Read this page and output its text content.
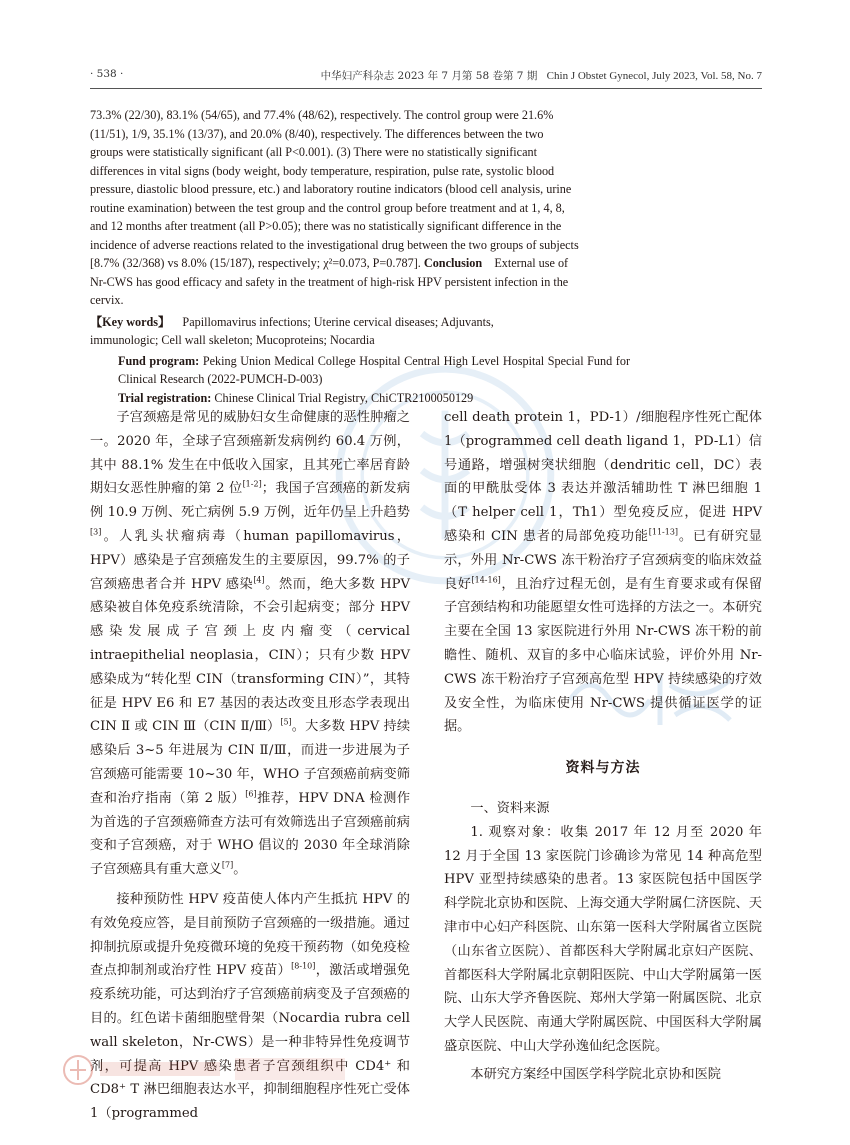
· 538 ·	中华妇产科杂志 2023 年 7 月第 58 卷第 7 期 Chin J Obstet Gynecol, July 2023, Vol. 58, No. 7

73.3% (22/30), 83.1% (54/65), and 77.4% (48/62), respectively. The control group were 21.6%

(11/51), 1/9, 35.1% (13/37), and 20.0% (8/40), respectively. The differences between the two

groups were statistically significant (all P<0.001). (3) There were no statistically significant

differences in vital signs (body weight, body temperature, respiration, pulse rate, systolic blood

pressure, diastolic blood pressure, etc.) and laboratory routine indicators (blood cell analysis, urine

routine examination) between the test group and the control group before treatment and at 1, 4, 8,

and 12 months after treatment (all P>0.05); there was no statistically significant difference in the

incidence of adverse reactions related to the investigational drug between the two groups of subjects

[8.7% (32/368) vs 8.0% (15/187), respectively; χ²=0.073, P=0.787]. Conclusion External use of

Nr-CWS has good efficacy and safety in the treatment of high-risk HPV persistent infection in the

cervix.

【Key words】 Papillomavirus infections; Uterine cervical diseases; Adjuvants,

immunologic; Cell wall skeleton; Mucoproteins; Nocardia

Fund program: Peking Union Medical College Hospital Central High Level Hospital Special Fund for Clinical Research (2022-PUMCH-D-003)

Trial registration: Chinese Clinical Trial Registry, ChiCTR2100050129

子宫颈癌是常见的威胁妇女生命健康的恶性肿瘤之一。2020 年，全球子宫颈癌新发病例约 60.4 万例，其中 88.1% 发生在中低收入国家，且其死亡率居育龄期妇女恶性肿瘤的第 2 位[1-2]；我国子宫颈癌的新发病例 10.9 万例、死亡病例 5.9 万例，近年仍呈上升趋势[3]。人乳头状瘤病毒（human papillomavirus，HPV）感染是子宫颈癌发生的主要原因，99.7% 的子宫颈癌患者合并 HPV 感染[4]。然而，绝大多数 HPV 感染被自体免疫系统清除，不会引起病变；部分 HPV 感染发展成子宫颈上皮内瘤变（cervical intraepithelial neoplasia，CIN）；只有少数 HPV 感染成为“转化型 CIN（transforming CIN）”，其特征是 HPV E6 和 E7 基因的表达改变且形态学表现出 CIN Ⅱ 或 CIN Ⅲ（CIN Ⅱ/Ⅲ）[5]。大多数 HPV 持续感染后 3~5 年进展为 CIN Ⅱ/Ⅲ，而进一步进展为子宫颈癌可能需要 10~30 年，WHO 子宫颈癌前病变筛查和治疗指南（第 2 版）[6]推荐，HPV DNA 检测作为首选的子宫颈癌筛查方法可有效筛选出子宫颈癌前病变和子宫颈癌，对于 WHO 倡议的 2030 年全球消除子宫颈癌具有重大意义[7]。

接种预防性 HPV 疫苗使人体内产生抵抗 HPV 的有效免疫应答，是目前预防子宫颈癌的一级措施。通过抑制抗原或提升免疫微环境的免疫干预药物（如免疫检查点抑制剂或治疗性 HPV 疫苗）[8-10]，激活或增强免疫系统功能，可达到治疗子宫颈癌前病变及子宫颈癌的目的。红色诺卡菌细胞壁骨架（Nocardia rubra cell wall skeleton，Nr-CWS）是一种非特异性免疫调节剂，可提高 HPV 感染患者子宫颈组织中 CD4⁺ 和 CD8⁺ T 淋巴细胞表达水平，抑制细胞程序性死亡受体 1（programmed

cell death protein 1，PD-1）/细胞程序性死亡配体 1（programmed cell death ligand 1，PD-L1）信号通路，增强树突状细胞（dendritic cell，DC）表面的甲酰肽受体 3 表达并激活辅助性 T 淋巴细胞 1（T helper cell 1，Th1）型免疫反应，促进 HPV 感染和 CIN 患者的局部免疫功能[11-13]。已有研究显示，外用 Nr-CWS 冻干粉治疗子宫颈病变的临床效益良好[14-16]，且治疗过程无创，是有生育要求或有保留子宫颈结构和功能愿望女性可选择的方法之一。本研究主要在全国 13 家医院进行外用 Nr-CWS 冻干粉的前瞻性、随机、双盲的多中心临床试验，评价外用 Nr-CWS 冻干粉治疗子宫颈高危型 HPV 持续感染的疗效及安全性，为临床使用 Nr-CWS 提供循证医学的证据。

资料与方法

一、资料来源

1. 观察对象：收集 2017 年 12 月至 2020 年 12 月于全国 13 家医院门诊确诊为常见 14 种高危型 HPV 亚型持续感染的患者。13 家医院包括中国医学科学院北京协和医院、上海交通大学附属仁济医院、天津市中心妇产科医院、山东第一医科大学附属省立医院（山东省立医院）、首都医科大学附属北京妇产医院、首都医科大学附属北京朝阳医院、中山大学附属第一医院、山东大学齐鲁医院、郑州大学第一附属医院、北京大学人民医院、南通大学附属医院、中国医科大学附属盛京医院、中山大学孙逸仙纪念医院。

本研究方案经中国医学科学院北京协和医院
